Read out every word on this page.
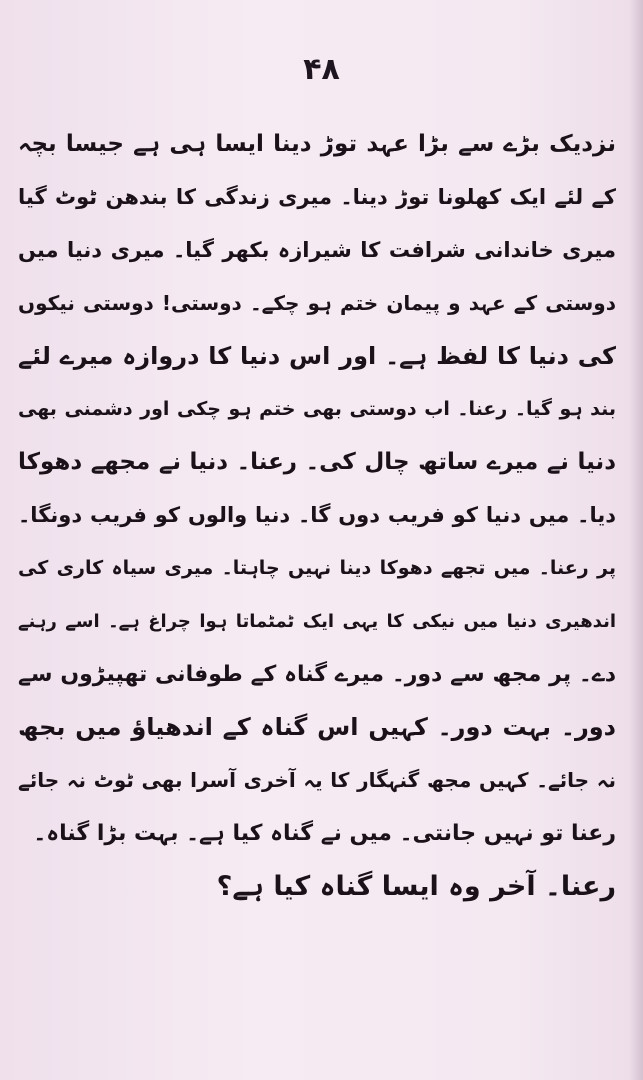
۴۸
نزدیک بڑے سے بڑا عہد توڑ دینا ایسا ہی ہے جیسا بچہ
کے لئے ایک کھلونا توڑ دینا۔ میری زندگی کا بندھن ٹوٹ گیا
میری خاندانی شرافت کا شیرازہ بکھر گیا۔ میری دنیا میں
دوستی کے عہد و پیمان ختم ہو چکے۔ دوستی! دوستی نیکوں
کی دنیا کا لفظ ہے۔ اور اس دنیا کا دروازہ میرے لئے
بند ہو گیا۔ رعنا۔ اب دوستی بھی ختم ہو چکی اور دشمنی بھی
دنیا نے میرے ساتھ چال کی۔ رعنا۔ دنیا نے مجھے دھوکا
دیا۔ میں دنیا کو فریب دوں گا۔ دنیا والوں کو فریب دونگا۔
پر رعنا۔ میں تجھے دھوکا دینا نہیں چاہتا۔ میری سیاہ کاری کی
اندھیری دنیا میں نیکی کا یہی ایک ٹمٹماتا ہوا چراغ ہے۔ اسے رہنے
دے۔ پر مجھ سے دور۔ میرے گناہ کے طوفانی تھپیڑوں سے
دور۔ بہت دور۔ کہیں اس گناہ کے اندھیاؤ میں بجھ
نہ جائے۔ کہیں مجھ گنہگار کا یہ آخری آسرا بھی ٹوٹ نہ جائے
رعنا تو نہیں جانتی۔ میں نے گناہ کیا ہے۔ بہت بڑا گناہ۔
رعنا۔ آخر وہ ایسا گناہ کیا ہے؟
